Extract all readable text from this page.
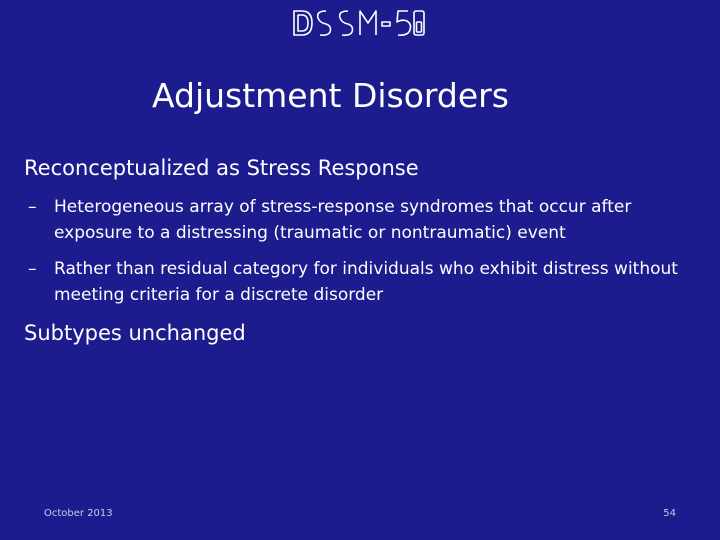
Adjustment Disorders
Reconceptualized as Stress Response
– Heterogeneous array of stress-response syndromes that occur after exposure to a distressing (traumatic or nontraumatic) event
– Rather than residual category for individuals who exhibit distress without meeting criteria for a discrete disorder
Subtypes unchanged
October 2013	54
